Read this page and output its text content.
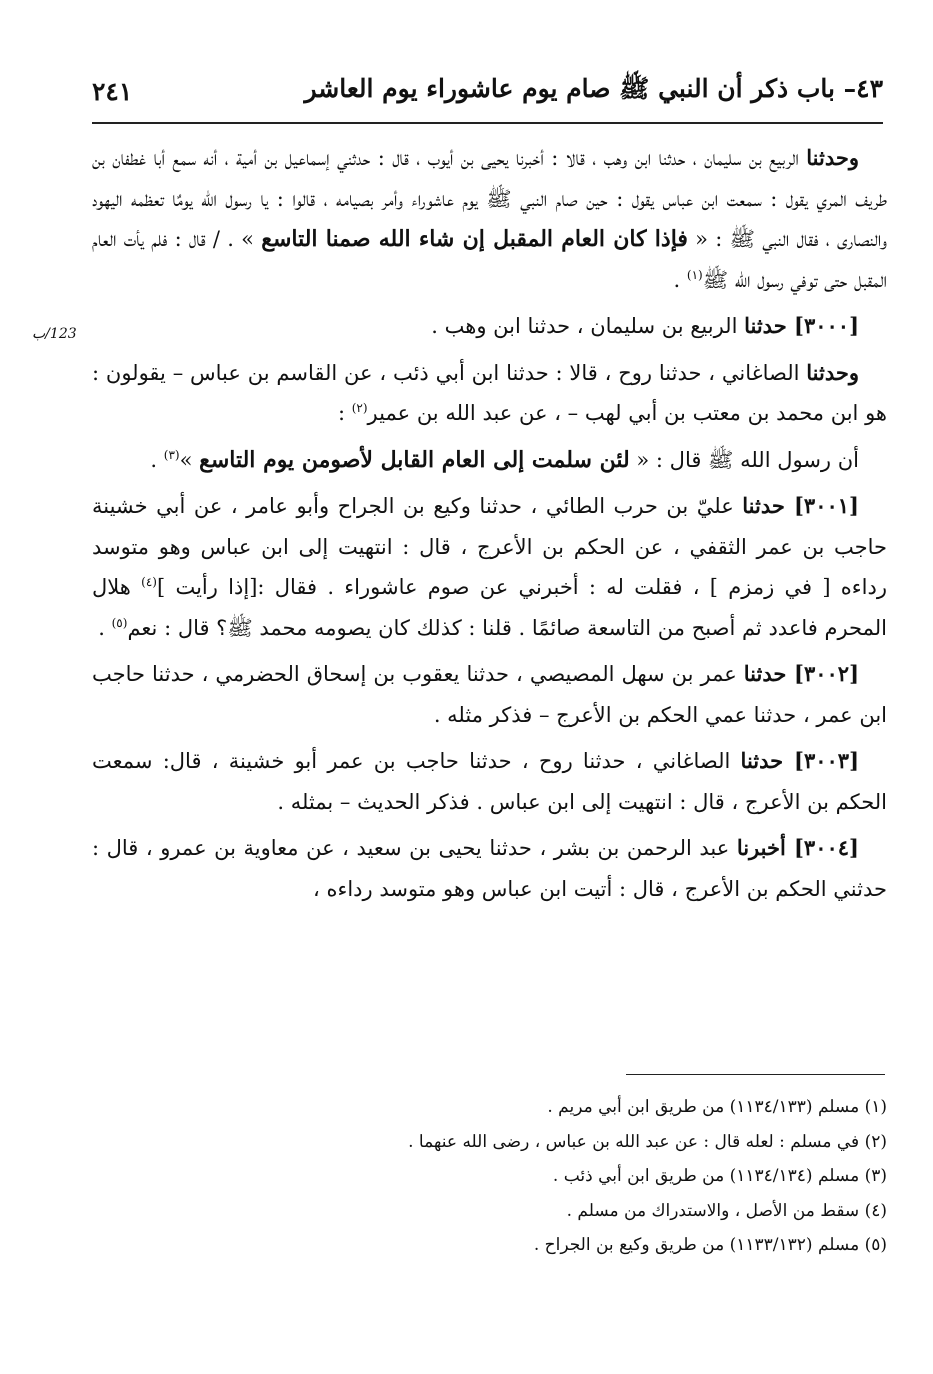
٤٣– باب ذكر أن النبي ﷺ صام يوم عاشوراء يوم العاشر
٢٤١
123/ب

وحدثنا الربيع بن سليمان ، حدثنا ابن وهب ، قالا : أخبرنا يحيى بن أيوب ، قال : حدثني إسماعيل بن أمية ، أنه سمع أبا غطفان بن طريف المري يقول : سمعت ابن عباس يقول : حين صام النبي ﷺ يوم عاشوراء وأمر بصيامه ، قالوا : يا رسول الله يومٌا تعظمه اليهود والنصارى ، فقال النبي ﷺ : « فإذا كان العام المقبل إن شاء الله صمنا التاسع » . / قال : فلم يأت العام المقبل حتى توفي رسول الله ﷺ$^{(١)}$ .

[٣٠٠٠] حدثنا الربيع بن سليمان ، حدثنا ابن وهب .

وحدثنا الصاغاني ، حدثنا روح ، قالا : حدثنا ابن أبي ذئب ، عن القاسم بن عباس – يقولون : هو ابن محمد بن معتب بن أبي لهب – ، عن عبد الله بن عمير$^{(٢)}$ :

أن رسول الله ﷺ قال : « لئن سلمت إلى العام القابل لأصومن يوم التاسع »$^{(٣)}$ .

[٣٠٠١] حدثنا عليّ بن حرب الطائي ، حدثنا وكيع بن الجراح وأبو عامر ، عن أبي خشينة حاجب بن عمر الثقفي ، عن الحكم بن الأعرج ، قال : انتهيت إلى ابن عباس وهو متوسد رداءه [ في زمزم ] ، فقلت له : أخبرني عن صوم عاشوراء . فقال :[إذا رأيت ]$^{(٤)}$ هلال المحرم فاعدد ثم أصبح من التاسعة صائمًا . قلنا : كذلك كان يصومه محمد ﷺ؟ قال : نعم$^{(٥)}$ .

[٣٠٠٢] حدثنا عمر بن سهل المصيصي ، حدثنا يعقوب بن إسحاق الحضرمي ، حدثنا حاجب ابن عمر ، حدثنا عمي الحكم بن الأعرج – فذكر مثله .

[٣٠٠٣] حدثنا الصاغاني ، حدثنا روح ، حدثنا حاجب بن عمر أبو خشينة ، قال: سمعت الحكم بن الأعرج ، قال : انتهيت إلى ابن عباس . فذكر الحديث – بمثله .

[٣٠٠٤] أخبرنا عبد الرحمن بن بشر ، حدثنا يحيى بن سعيد ، عن معاوية بن عمرو ، قال : حدثني الحكم بن الأعرج ، قال : أتيت ابن عباس وهو متوسد رداءه ،

(١) مسلم (١١٣٤/١٣٣) من طريق ابن أبي مريم .

(٢) في مسلم : لعله قال : عن عبد الله بن عباس ، رضى الله عنهما .

(٣) مسلم (١١٣٤/١٣٤) من طريق ابن أبي ذئب .

(٤) سقط من الأصل ، والاستدراك من مسلم .

(٥) مسلم (١١٣٣/١٣٢) من طريق وكيع بن الجراح .
